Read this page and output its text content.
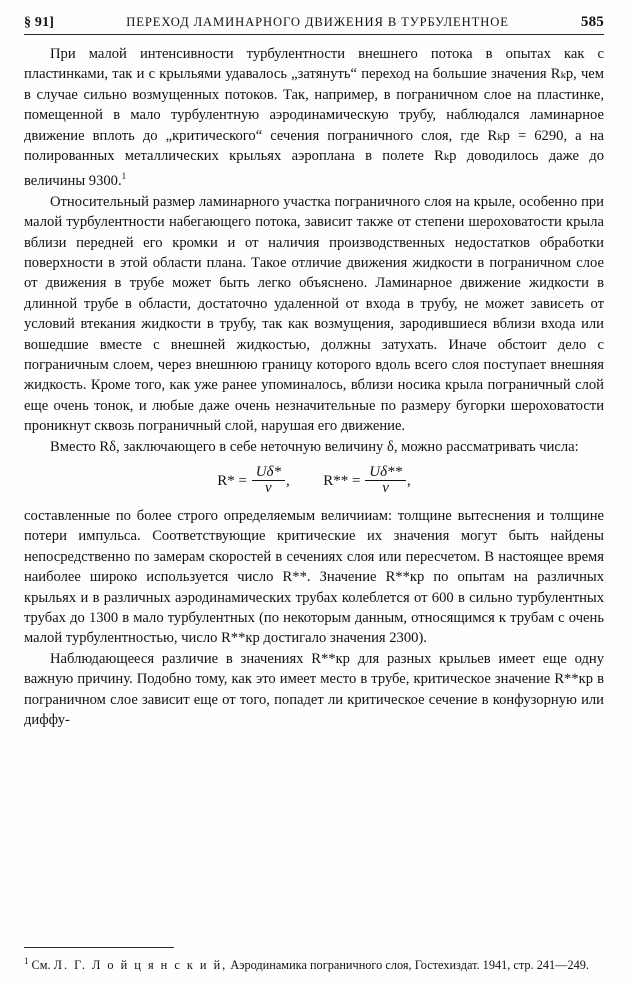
§ 91]	ПЕРЕХОД ЛАМИНАРНОГО ДВИЖЕНИЯ В ТУРБУЛЕНТНОЕ	585

При малой интенсивности турбулентности внешнего потока в опытах как с пластинками, так и с крыльями удавалось „затянуть“ переход на большие значения Rₖр, чем в случае сильно возмущенных потоков. Так, например, в пограничном слое на пластинке, помещенной в мало турбулентную аэродинамическую трубу, наблюдался ламинарное движение вплоть до „критического“ сечения пограничного слоя, где Rₖр = 6290, а на полированных металлических крыльях аэроплана в полете Rₖр доводилось даже до величины 9300.$^1$

Относительный размер ламинарного участка пограничного слоя на крыле, особенно при малой турбулентности набегающего потока, зависит также от степени шероховатости крыла вблизи передней его кромки и от наличия производственных недостатков обработки поверхности в этой области плана. Такое отличие движения жидкости в пограничном слое от движения в трубе может быть легко объяснено. Ламинарное движение жидкости в длинной трубе в области, достаточно удаленной от входа в трубу, не может зависеть от условий втекания жидкости в трубу, так как возмущения, зародившиеся вблизи входа или вошедшие вместе с внешней жидкостью, должны затухать. Иначе обстоит дело с пограничным слоем, через внешнюю границу которого вдоль всего слоя поступает внешняя жидкость. Кроме того, как уже ранее упоминалось, вблизи носика крыла пограничный слой еще очень тонок, и любые даже очень незначительные по размеру бугорки шероховатости проникнут сквозь пограничный слой, нарушая его движение.

Вместо Rδ, заключающего в себе неточную величину δ, можно рассматривать числа:

$R* = \frac{U\delta*}{\nu}$ , $R** = \frac{U\delta**}{\nu}$ ,

составленные по более строго определяемым величииам: толщине вытеснения и толщине потери импульса. Соответствующие критические их значения могут быть найдены непосредственно по замерам скоростей в сечениях слоя или пересчетом. В настоящее время наиболее широко используется число R**. Значение R**кр по опытам на различных крыльях и в различных аэродинамических трубах колеблется от 600 в сильно турбулентных трубах до 1300 в мало турбулентных (по некоторым данным, относящимся к трубам с очень малой турбулентностью, число R**кр достигало значения 2300).

Наблюдающееся различие в значениях R**кр для разных крыльев имеет еще одну важную причину. Подобно тому, как это имеет место в трубе, критическое значение R**кр в пограничном слое зависит еще от того, попадет ли критическое сечение в конфузорную или диффу-

$^1$ См. Л. Г. Л о й ц я н с к и й, Аэродинамика пограничного слоя, Гостехиздат. 1941, стр. 241—249.
